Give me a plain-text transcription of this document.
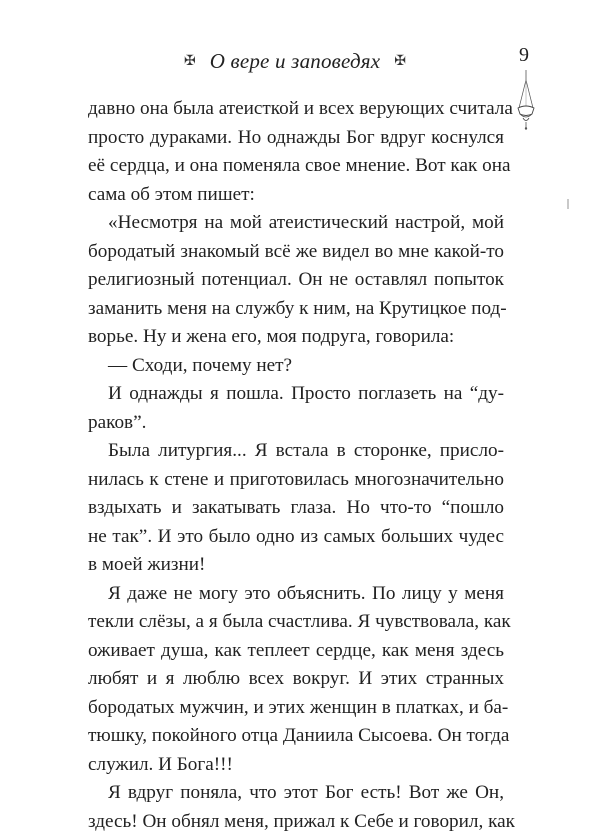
✠ О вере и заповедях ✠	9
давно она была атеисткой и всех верующих считала
просто дураками. Но однажды Бог вдруг коснулся
её сердца, и она поменяла свое мнение. Вот как она
сама об этом пишет:
«Несмотря на мой атеистический настрой, мой
бородатый знакомый всё же видел во мне какой-то
религиозный потенциал. Он не оставлял попыток
заманить меня на службу к ним, на Крутицкое под-
ворье. Ну и жена его, моя подруга, говорила:
— Сходи, почему нет?
И однажды я пошла. Просто поглазеть на “ду-
раков”.
Была литургия... Я встала в сторонке, присло-
нилась к стене и приготовилась многозначительно
вздыхать и закатывать глаза. Но что-то “пошло
не так”. И это было одно из самых больших чудес
в моей жизни!
Я даже не могу это объяснить. По лицу у меня
текли слёзы, а я была счастлива. Я чувствовала, как
оживает душа, как теплеет сердце, как меня здесь
любят и я люблю всех вокруг. И этих странных
бородатых мужчин, и этих женщин в платках, и ба-
тюшку, покойного отца Даниила Сысоева. Он тогда
служил. И Бога!!!
Я вдруг поняла, что этот Бог есть! Вот же Он,
здесь! Он обнял меня, прижал к Себе и говорил, как
